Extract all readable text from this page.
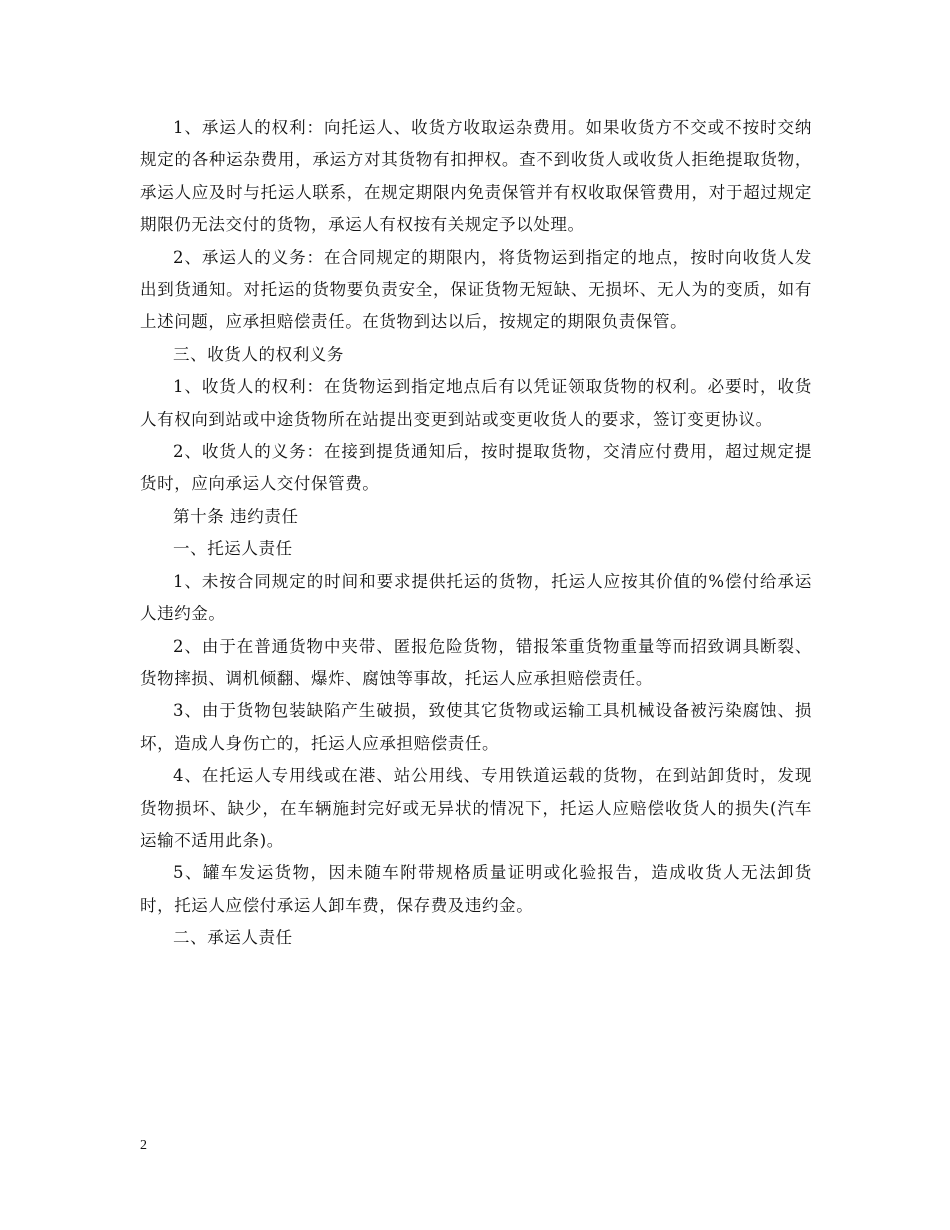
1、承运人的权利：向托运人、收货方收取运杂费用。如果收货方不交或不按时交纳规定的各种运杂费用，承运方对其货物有扣押权。查不到收货人或收货人拒绝提取货物，承运人应及时与托运人联系，在规定期限内免责保管并有权收取保管费用，对于超过规定期限仍无法交付的货物，承运人有权按有关规定予以处理。

2、承运人的义务：在合同规定的期限内，将货物运到指定的地点，按时向收货人发出到货通知。对托运的货物要负责安全，保证货物无短缺、无损坏、无人为的变质，如有上述问题，应承担赔偿责任。在货物到达以后，按规定的期限负责保管。

三、收货人的权利义务

1、收货人的权利：在货物运到指定地点后有以凭证领取货物的权利。必要时，收货人有权向到站或中途货物所在站提出变更到站或变更收货人的要求，签订变更协议。

2、收货人的义务：在接到提货通知后，按时提取货物，交清应付费用，超过规定提货时，应向承运人交付保管费。

第十条 违约责任

一、托运人责任

1、未按合同规定的时间和要求提供托运的货物，托运人应按其价值的%偿付给承运人违约金。

2、由于在普通货物中夹带、匿报危险货物，错报笨重货物重量等而招致调具断裂、货物摔损、调机倾翻、爆炸、腐蚀等事故，托运人应承担赔偿责任。

3、由于货物包装缺陷产生破损，致使其它货物或运输工具机械设备被污染腐蚀、损坏，造成人身伤亡的，托运人应承担赔偿责任。

4、在托运人专用线或在港、站公用线、专用铁道运载的货物，在到站卸货时，发现货物损坏、缺少，在车辆施封完好或无异状的情况下，托运人应赔偿收货人的损失(汽车运输不适用此条)。

5、罐车发运货物，因未随车附带规格质量证明或化验报告，造成收货人无法卸货时，托运人应偿付承运人卸车费，保存费及违约金。

二、承运人责任

2
